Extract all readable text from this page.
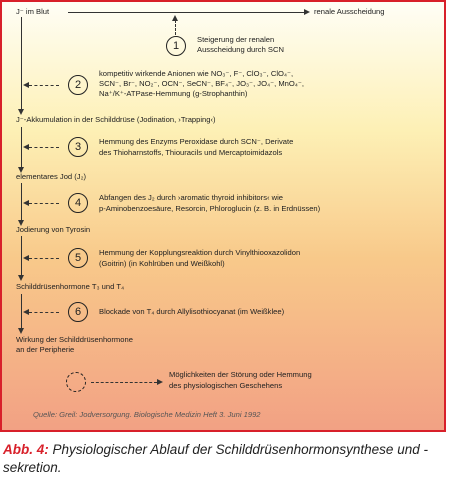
J⁻ im Blut
J⁻-Akkumulation in der Schilddrüse (Jodination, ›Trapping‹)
elementares Jod (J₂)
Jodierung von Tyrosin
Schilddrüsenhormone T₃ und T₄
Wirkung der Schilddrüsenhormone
an der Peripherie
renale Ausscheidung
1
Steigerung der renalen
Ausscheidung durch SCN
2
kompetitiv wirkende Anionen wie NO₃⁻, F⁻, ClO₃⁻, ClO₄⁻,
SCN⁻, Br⁻, NO₂⁻, OCN⁻, SeCN⁻, BF₄⁻, JO₃⁻, JO₄⁻, MnO₄⁻,
Na⁺/K⁺-ATPase-Hemmung (g-Strophanthin)
3	Hemmung des Enzyms Peroxidase durch SCN⁻, Derivate
des Thioharnstoffs, Thiouracils und Mercaptoimidazols
4	Abfangen des J₂ durch ›aromatic thyroid inhibitors‹ wie
p-Aminobenzoesäure, Resorcin, Phloroglucin (z. B. in Erdnüssen)
5	Hemmung der Kopplungsreaktion durch Vinylthiooxazolidon
(Goitrin) (in Kohlrüben und Weißkohl)
6	Blockade von T₄ durch Allylisothiocyanat (im Weißklee)
Möglichkeiten der Störung oder Hemmung
des physiologischen Geschehens
Quelle: Greil: Jodversorgung. Biologische Medizin Heft 3. Juni 1992
Abb. 4: Physiologischer Ablauf der Schilddrüsenhormonsynthese und -sekretion.
